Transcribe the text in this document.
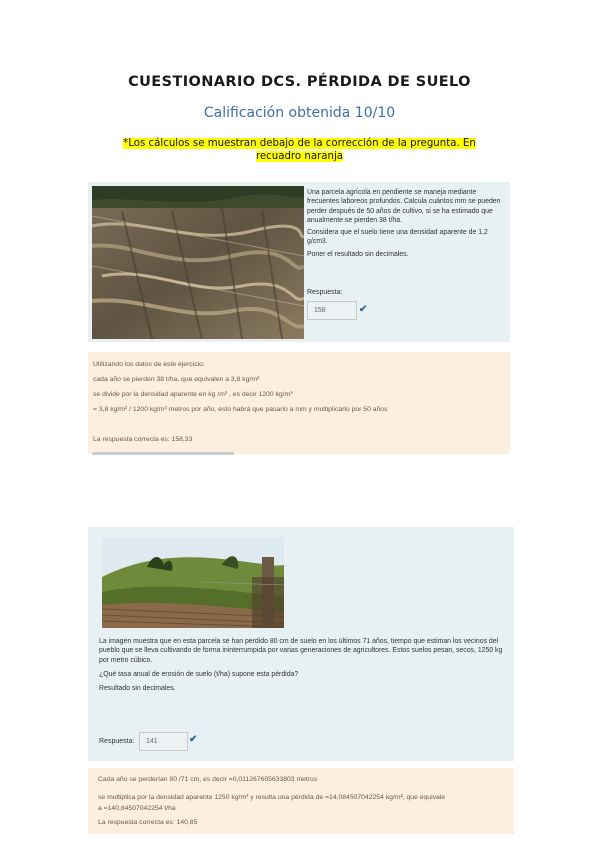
CUESTIONARIO DCS. PÉRDIDA DE SUELO
Calificación obtenida 10/10
*Los cálculos se muestran debajo de la corrección de la pregunta. En recuadro naranja

Una parcela agrícola en pendiente se maneja mediante frecuentes laboreos profundos. Calcula cuántos mm se pueden perder después de 50 años de cultivo, si se ha estimado que anualmente se pierden 38 t/ha.

Considera que el suelo tiene una densidad aparente de 1,2 g/cm3.

Poner el resultado sin decimales.

Respuesta:
158	✔
Utilizando los datos de este ejercicio:
cada año se pierden 38 t/ha, que equivalen a 3,8 kg/m²
se divide por la densidad aparente en kg /m³ , es decir 1200 kg/m³
= 3,8 kg/m² / 1200 kg/m³ metros por año, esto habrá que pasarlo a mm y multiplicarlo por 50 años
La respuesta correcta es: 158,33

La imagen muestra que en esta parcela se han perdido 80 cm de suelo en los últimos 71 años, tiempo que estiman los vecinos del pueblo que se lleva cultivando de forma ininterrumpida por varias generaciones de agricultores. Estos suelos pesan, secos, 1250 kg por metro cúbico.

¿Qué tasa anual de erosión de suelo (t/ha) supone esta pérdida?

Resultado sin decimales.

Respuesta:	141	✔
Cada año se perderían 80 /71 cm, es decir =0,0112676056338​03 metros
se multiplica por la densidad aparente 1250 kg/m³ y resulta una pérdida de =14,084507042254 kg/m², que equivale
a =140,84507042254 t/ha
La respuesta correcta es: 140,85
